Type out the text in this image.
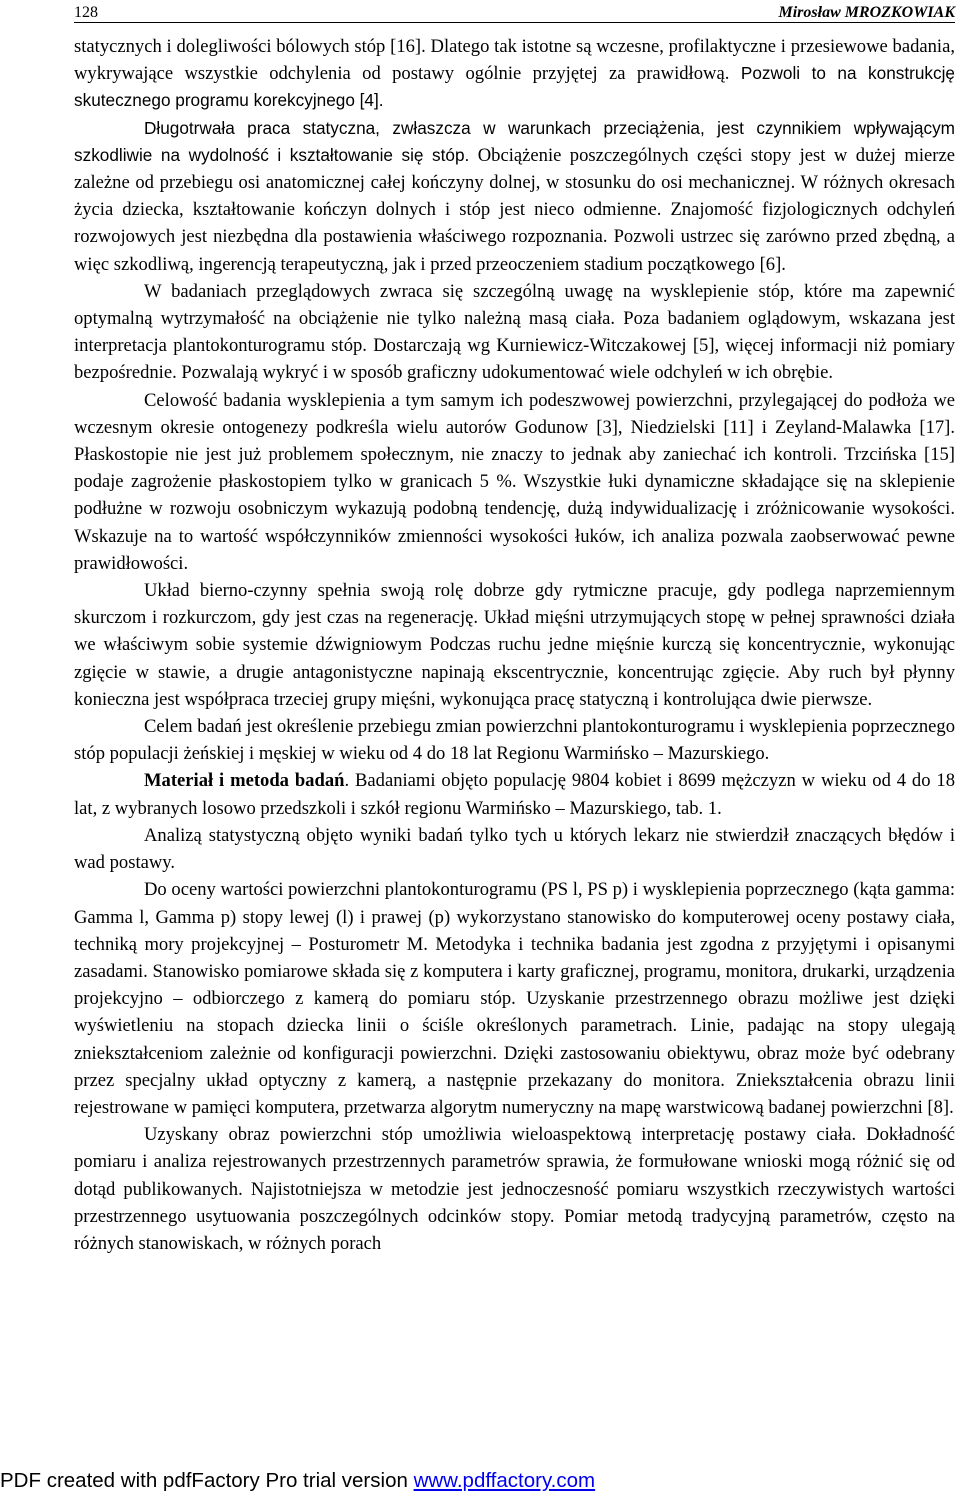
128	Mirosław MROZKOWIAK

statycznych i dolegliwości bólowych stóp [16]. Dlatego tak istotne są wczesne, profilaktyczne i przesiewowe badania, wykrywające wszystkie odchylenia od postawy ogólnie przyjętej za prawidłową. Pozwoli to na konstrukcję skutecznego programu korekcyjnego [4].

Długotrwała praca statyczna, zwłaszcza w warunkach przeciążenia, jest czynnikiem wpływającym szkodliwie na wydolność i kształtowanie się stóp. Obciążenie poszczególnych części stopy jest w dużej mierze zależne od przebiegu osi anatomicznej całej kończyny dolnej, w stosunku do osi mechanicznej. W różnych okresach życia dziecka, kształtowanie kończyn dolnych i stóp jest nieco odmienne. Znajomość fizjologicznych odchyleń rozwojowych jest niezbędna dla postawienia właściwego rozpoznania. Pozwoli ustrzec się zarówno przed zbędną, a więc szkodliwą, ingerencją terapeutyczną, jak i przed przeoczeniem stadium początkowego [6].

W badaniach przeglądowych zwraca się szczególną uwagę na wysklepienie stóp, które ma zapewnić optymalną wytrzymałość na obciążenie nie tylko należną masą ciała. Poza badaniem oglądowym, wskazana jest interpretacja plantokonturogramu stóp. Dostarczają wg Kurniewicz-Witczakowej [5], więcej informacji niż pomiary bezpośrednie. Pozwalają wykryć i w sposób graficzny udokumentować wiele odchyleń w ich obrębie.

Celowość badania wysklepienia a tym samym ich podeszwowej powierzchni, przylegającej do podłoża we wczesnym okresie ontogenezy podkreśla wielu autorów Godunow [3], Niedzielski [11] i Zeyland-Malawka [17]. Płaskostopie nie jest już problemem społecznym, nie znaczy to jednak aby zaniechać ich kontroli. Trzcińska [15] podaje zagrożenie płaskostopiem tylko w granicach 5 %. Wszystkie łuki dynamiczne składające się na sklepienie podłużne w rozwoju osobniczym wykazują podobną tendencję, dużą indywidualizację i zróżnicowanie wysokości. Wskazuje na to wartość współczynników zmienności wysokości łuków, ich analiza pozwala zaobserwować pewne prawidłowości.

Układ bierno-czynny spełnia swoją rolę dobrze gdy rytmiczne pracuje, gdy podlega naprzemiennym skurczom i rozkurczom, gdy jest czas na regenerację. Układ mięśni utrzymujących stopę w pełnej sprawności działa we właściwym sobie systemie dźwigniowym Podczas ruchu jedne mięśnie kurczą się koncentrycznie, wykonując zgięcie w stawie, a drugie antagonistyczne napinają ekscentrycznie, koncentrując zgięcie. Aby ruch był płynny konieczna jest współpraca trzeciej grupy mięśni, wykonująca pracę statyczną i kontrolująca dwie pierwsze.

Celem badań jest określenie przebiegu zmian powierzchni plantokonturogramu i wysklepienia poprzecznego stóp populacji żeńskiej i męskiej w wieku od 4 do 18 lat Regionu Warmińsko – Mazurskiego.

Materiał i metoda badań. Badaniami objęto populację 9804 kobiet i 8699 mężczyzn w wieku od 4 do 18 lat, z wybranych losowo przedszkoli i szkół regionu Warmińsko – Mazurskiego, tab. 1.

Analizą statystyczną objęto wyniki badań tylko tych u których lekarz nie stwierdził znaczących błędów i wad postawy.

Do oceny wartości powierzchni plantokonturogramu (PS l, PS p) i wysklepienia poprzecznego (kąta gamma: Gamma l, Gamma p) stopy lewej (l) i prawej (p) wykorzystano stanowisko do komputerowej oceny postawy ciała, techniką mory projekcyjnej – Posturometr M. Metodyka i technika badania jest zgodna z przyjętymi i opisanymi zasadami. Stanowisko pomiarowe składa się z komputera i karty graficznej, programu, monitora, drukarki, urządzenia projekcyjno – odbiorczego z kamerą do pomiaru stóp. Uzyskanie przestrzennego obrazu możliwe jest dzięki wyświetleniu na stopach dziecka linii o ściśle określonych parametrach. Linie, padając na stopy ulegają zniekształceniom zależnie od konfiguracji powierzchni. Dzięki zastosowaniu obiektywu, obraz może być odebrany przez specjalny układ optyczny z kamerą, a następnie przekazany do monitora. Zniekształcenia obrazu linii rejestrowane w pamięci komputera, przetwarza algorytm numeryczny na mapę warstwicową badanej powierzchni [8].

Uzyskany obraz powierzchni stóp umożliwia wieloaspektową interpretację postawy ciała. Dokładność pomiaru i analiza rejestrowanych przestrzennych parametrów sprawia, że formułowane wnioski mogą różnić się od dotąd publikowanych. Najistotniejsza w metodzie jest jednoczesność pomiaru wszystkich rzeczywistych wartości przestrzennego usytuowania poszczególnych odcinków stopy. Pomiar metodą tradycyjną parametrów, często na różnych stanowiskach, w różnych porach

PDF created with pdfFactory Pro trial version www.pdffactory.com
